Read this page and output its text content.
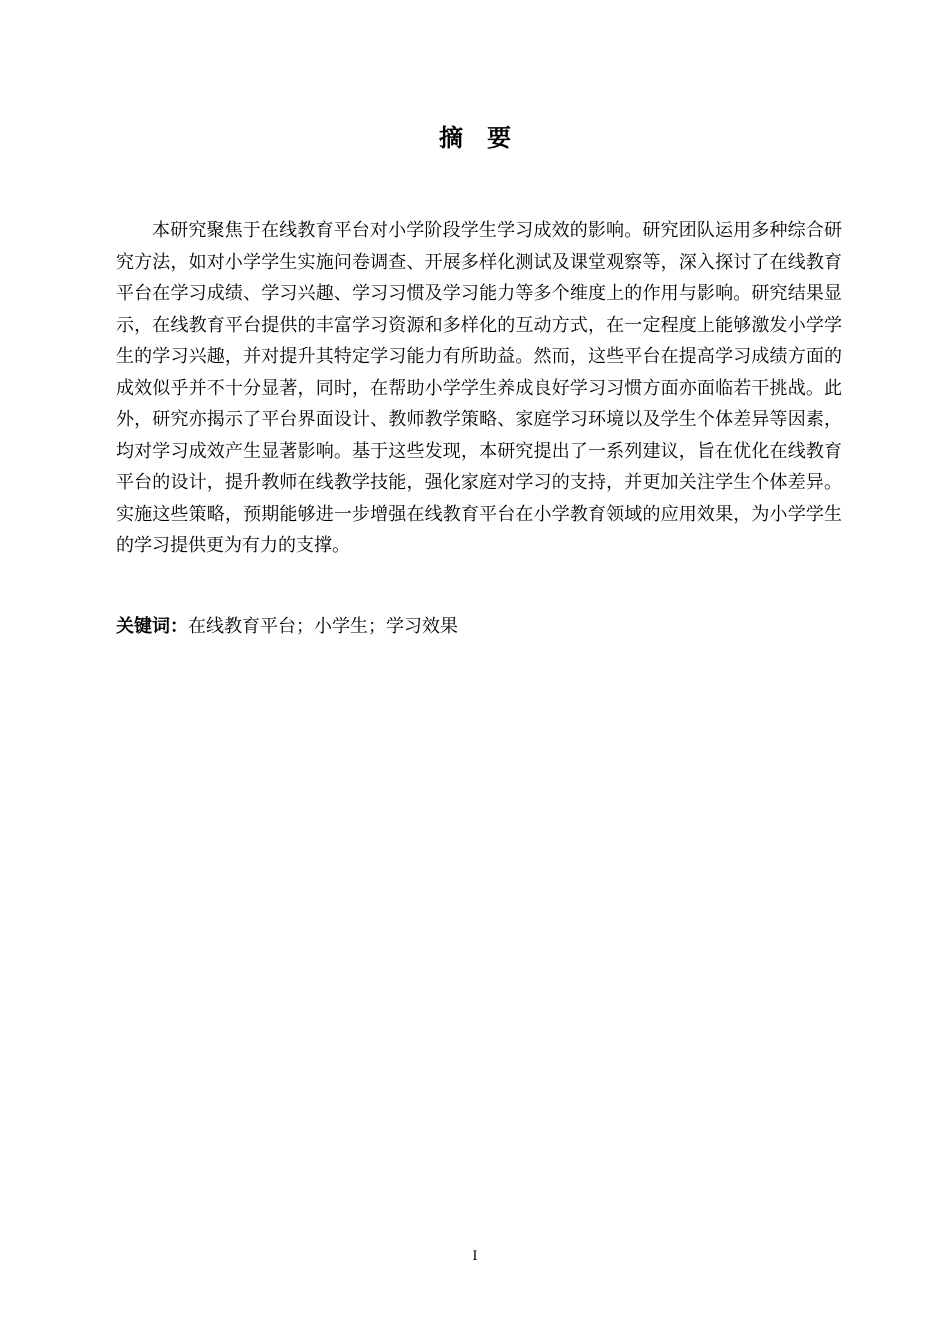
摘要

本研究聚焦于在线教育平台对小学阶段学生学习成效的影响。研究团队运用多种综合研究方法，如对小学学生实施问卷调查、开展多样化测试及课堂观察等，深入探讨了在线教育平台在学习成绩、学习兴趣、学习习惯及学习能力等多个维度上的作用与影响。研究结果显示，在线教育平台提供的丰富学习资源和多样化的互动方式，在一定程度上能够激发小学学生的学习兴趣，并对提升其特定学习能力有所助益。然而，这些平台在提高学习成绩方面的成效似乎并不十分显著，同时，在帮助小学学生养成良好学习习惯方面亦面临若干挑战。此外，研究亦揭示了平台界面设计、教师教学策略、家庭学习环境以及学生个体差异等因素，均对学习成效产生显著影响。基于这些发现，本研究提出了一系列建议，旨在优化在线教育平台的设计，提升教师在线教学技能，强化家庭对学习的支持，并更加关注学生个体差异。实施这些策略，预期能够进一步增强在线教育平台在小学教育领域的应用效果，为小学学生的学习提供更为有力的支撑。

关键词：在线教育平台；小学生；学习效果

I
